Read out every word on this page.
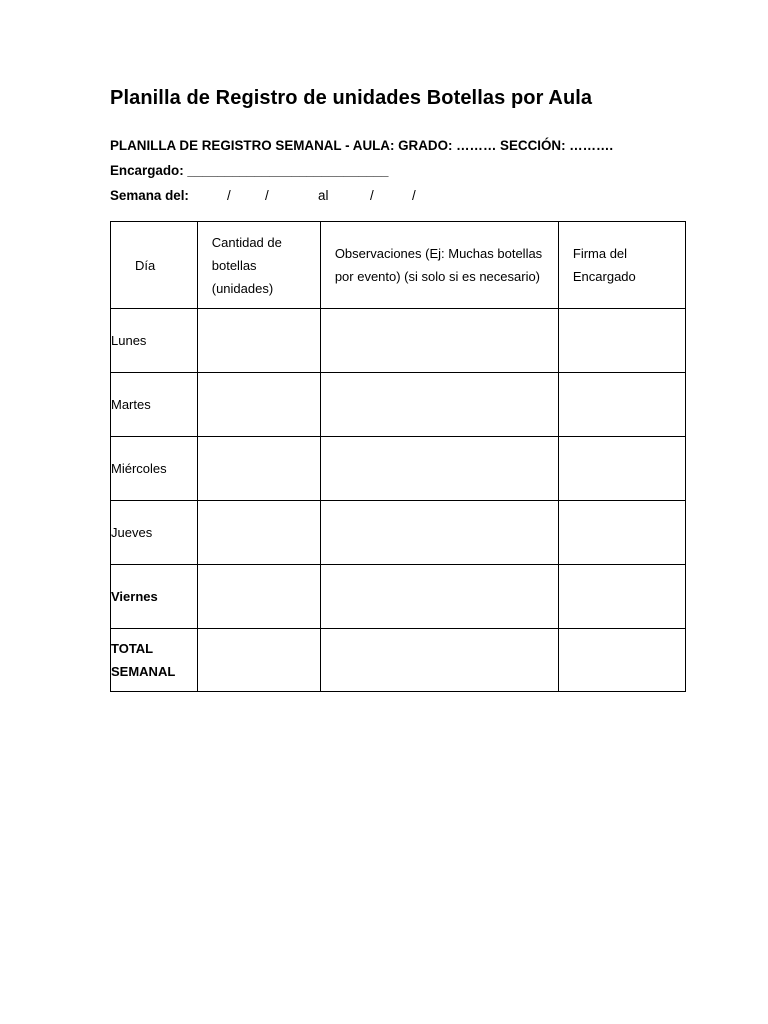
Planilla de Registro de unidades Botellas por Aula
PLANILLA DE REGISTRO SEMANAL - AULA: GRADO: ……… SECCIÓN: ……….
Encargado: ___________________________
Semana del:	/	/	al	/	/
Día	Cantidad de botellas (unidades)	Observaciones (Ej: Muchas botellas por evento) (si solo si es necesario)	Firma del Encargado
Lunes			
Martes			
Miércoles			
Jueves			
Viernes			
TOTAL SEMANAL			
